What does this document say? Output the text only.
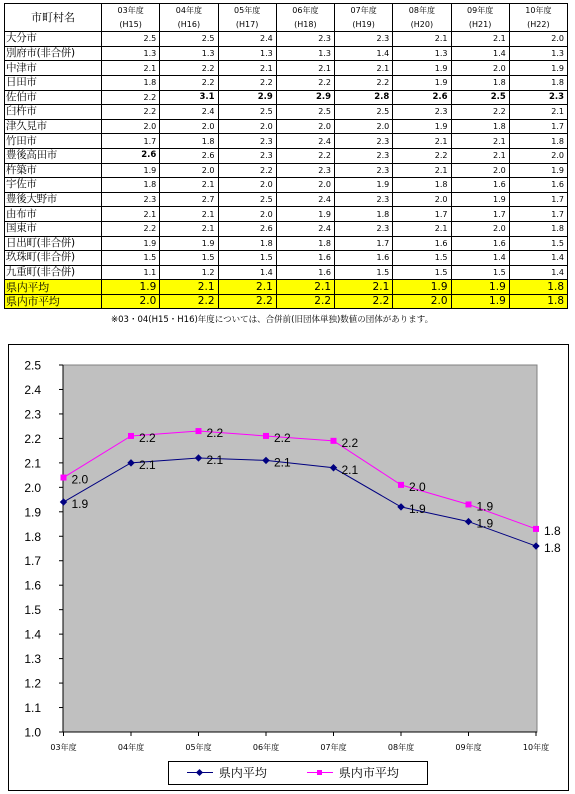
市町村名	03年度	04年度	05年度	06年度	07年度	08年度	09年度	10年度
	(H15)	(H16)	(H17)	(H18)	(H19)	(H20)	(H21)	(H22)
大分市	2.5	2.5	2.4	2.3	2.3	2.1	2.1	2.0
別府市(非合併)	1.3	1.3	1.3	1.3	1.4	1.3	1.4	1.3
中津市	2.1	2.2	2.1	2.1	2.1	1.9	2.0	1.9
日田市	1.8	2.2	2.2	2.2	2.2	1.9	1.8	1.8
佐伯市	2.2	3.1	2.9	2.9	2.8	2.6	2.5	2.3
臼杵市	2.2	2.4	2.5	2.5	2.5	2.3	2.2	2.1
津久見市	2.0	2.0	2.0	2.0	2.0	1.9	1.8	1.7
竹田市	1.7	1.8	2.3	2.4	2.3	2.1	2.1	1.8
豊後高田市	2.6	2.6	2.3	2.2	2.3	2.2	2.1	2.0
杵築市	1.9	2.0	2.2	2.3	2.3	2.1	2.0	1.9
宇佐市	1.8	2.1	2.0	2.0	1.9	1.8	1.6	1.6
豊後大野市	2.3	2.7	2.5	2.4	2.3	2.0	1.9	1.7
由布市	2.1	2.1	2.0	1.9	1.8	1.7	1.7	1.7
国東市	2.2	2.1	2.6	2.4	2.3	2.1	2.0	1.8
日出町(非合併)	1.9	1.9	1.8	1.8	1.7	1.6	1.6	1.5
玖珠町(非合併)	1.5	1.5	1.5	1.6	1.6	1.5	1.4	1.4
九重町(非合併)	1.1	1.2	1.4	1.6	1.5	1.5	1.5	1.4
県内平均	1.9	2.1	2.1	2.1	2.1	1.9	1.9	1.8
県内市平均	2.0	2.2	2.2	2.2	2.2	2.0	1.9	1.8
※03・04(H15・H16)年度については、合併前(旧団体単独)数値の団体があります。
1.0
1.1
1.2
1.3
1.4
1.5
1.6
1.7
1.8
1.9
2.0
2.1
2.2
2.3
2.4
2.5
03年度	04年度	05年度	06年度	07年度	08年度	09年度	10年度
1.9
2.1	2.1	2.1
2.1
1.9
1.9
1.8
2.0
2.2	2.2	2.2	2.2
2.0
1.9
1.8
県内平均	県内市平均
